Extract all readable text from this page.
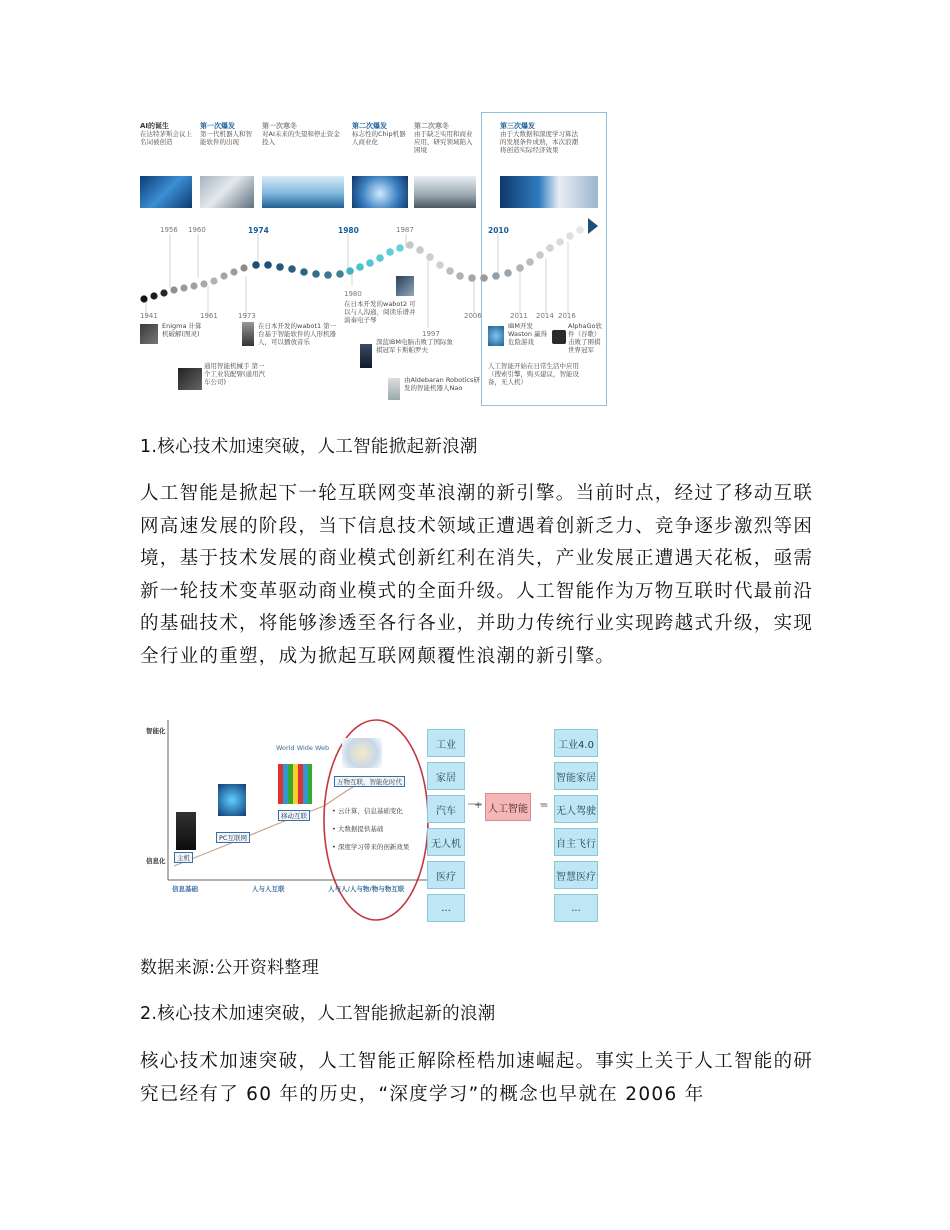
AI的诞生
在达特茅斯会议上 名词被创造
第一次爆发
第一代机器人和智能软件的出现
第一次寒冬
对AI未来的失望和停止资金投入
第二次爆发
标志性的Chip机器人商业化
第二次寒冬
由于缺乏实用和商业应用，研究领域陷入困境
第三次爆发
由于大数据和深度学习算法的发展条件成熟，本次浪潮将创造实际经济效果
1956 1960	1974	1980	1987	2010
1941	1961	1973
1980
1997
2006	2011 2014 2016
Enigma 计算机破解(图灵)
通用智能机械手 第一个工业装配臂(通用汽车公司)
在日本开发的wabot1 第一台基于智能软件的人形机器人，可以播放音乐
在日本开发的wabot2 可以与人沟通，阅读乐谱并演奏电子琴
深蓝IBM电脑击败了国际象棋冠军卡斯帕罗夫
由Aldebaran Robotics研发的智能机器人Nao
IBM开发Waston 赢得危险游戏
AlphaGo软件（谷歌）击败了围棋世界冠军
人工智能开始在日常生活中应用（搜索引擎，购买建议，智能设备，无人机）
1.核心技术加速突破，人工智能掀起新浪潮
人工智能是掀起下一轮互联网变革浪潮的新引擎。当前时点，经过了移动互联网高速发展的阶段，当下信息技术领域正遭遇着创新乏力、竞争逐步激烈等困境，基于技术发展的商业模式创新红利在消失，产业发展正遭遇天花板，亟需新一轮技术变革驱动商业模式的全面升级。人工智能作为万物互联时代最前沿的基础技术，将能够渗透至各行各业，并助力传统行业实现跨越式升级，实现全行业的重塑，成为掀起互联网颠覆性浪潮的新引擎。
智能化
信息化	主机
PC互联网
World Wide Web
移动互联
万物互联，智能化时代
• 云计算，信息基础变化
• 大数据提供基础
• 深度学习带来的创新效果
信息基础	人与人互联	人与人/人与物/物与物互联
工业
家居
汽车
无人机
医疗
...
+ 人工智能	=
工业4.0
智能家居
无人驾驶
自主飞行
智慧医疗
...
数据来源:公开资料整理
2.核心技术加速突破，人工智能掀起新的浪潮
核心技术加速突破，人工智能正解除桎梏加速崛起。事实上关于人工智能的研究已经有了 60 年的历史，“深度学习”的概念也早就在 2006 年
